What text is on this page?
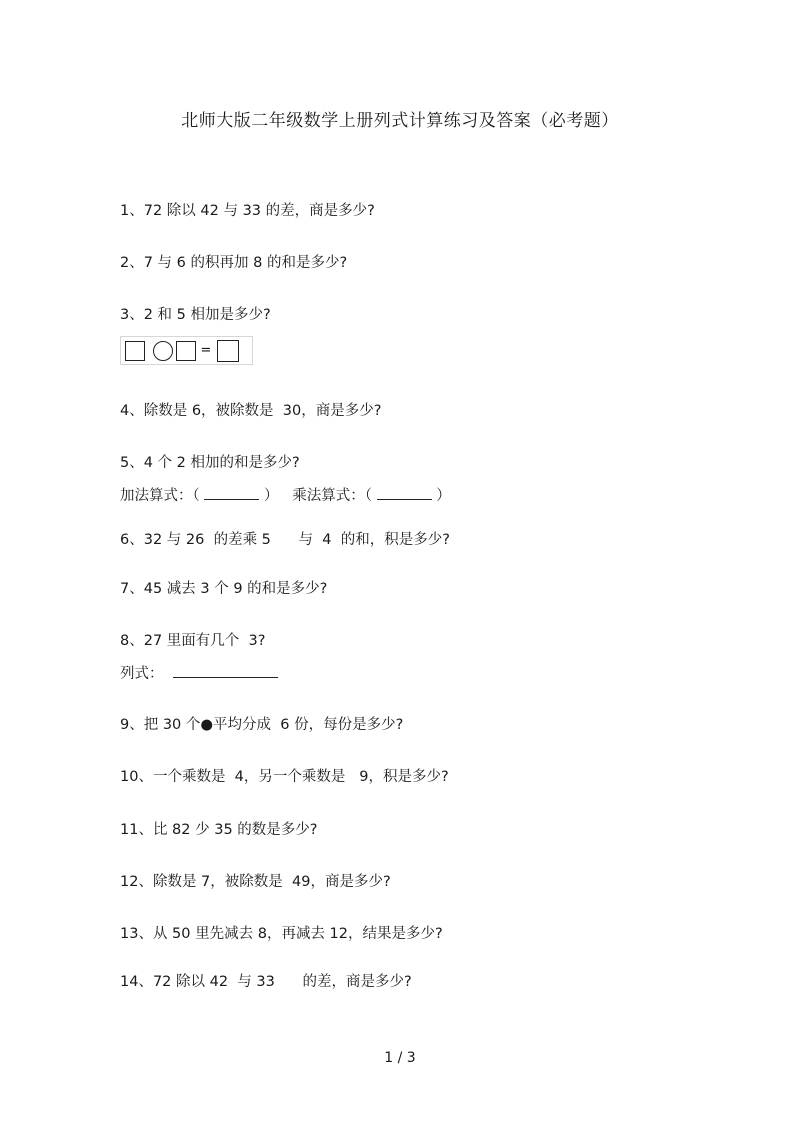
北师大版二年级数学上册列式计算练习及答案（必考题）
1、72 除以 42 与 33 的差，商是多少?
2、7 与 6 的积再加 8 的和是多少?
3、2 和 5 相加是多少?
=
4、除数是 6，被除数是  30，商是多少?
5、4 个 2 相加的和是多少?
加法算式：（	） 乘法算式：（	）
6、32 与 26  的差乘 5      与  4  的和，积是多少?
7、45 减去 3 个 9 的和是多少?
8、27 里面有几个  3?
列式：
9、把 30 个●平均分成  6 份，每份是多少?
10、一个乘数是  4，另一个乘数是   9，积是多少?
11、比 82 少 35 的数是多少?
12、除数是 7，被除数是  49，商是多少?
13、从 50 里先减去 8，再减去 12，结果是多少?
14、72 除以 42  与 33      的差，商是多少?
1 / 3
